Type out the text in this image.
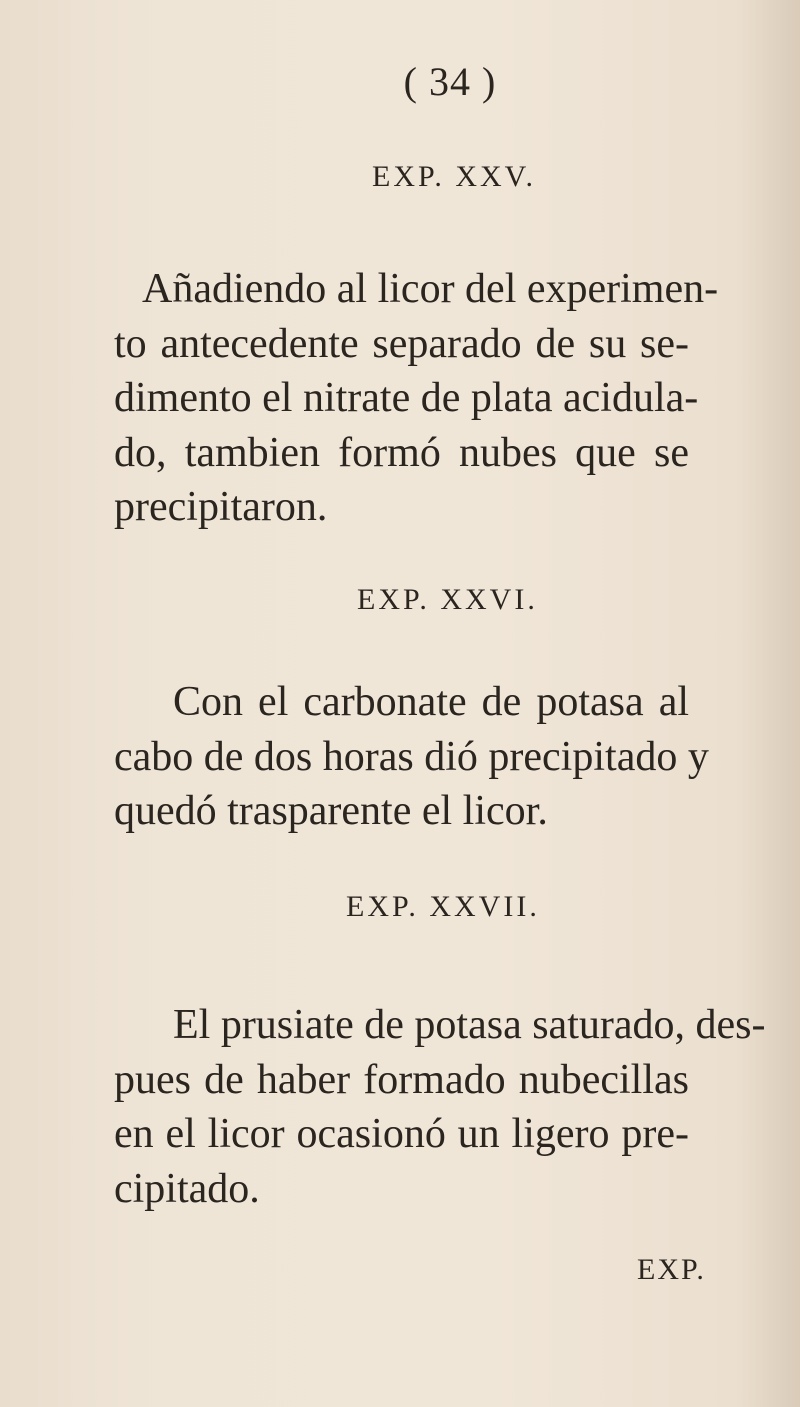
( 34 )
EXP. XXV.
Añadiendo al licor del experimen-
to antecedente separado de su se-
dimento el nitrate de plata acidula-
do, tambien formó nubes que se
precipitaron.
EXP. XXVI.
Con el carbonate de potasa al
cabo de dos horas dió precipitado y
quedó trasparente el licor.
EXP. XXVII.
El prusiate de potasa saturado, des-
pues de haber formado nubecillas
en el licor ocasionó un ligero pre-
cipitado.
EXP.
